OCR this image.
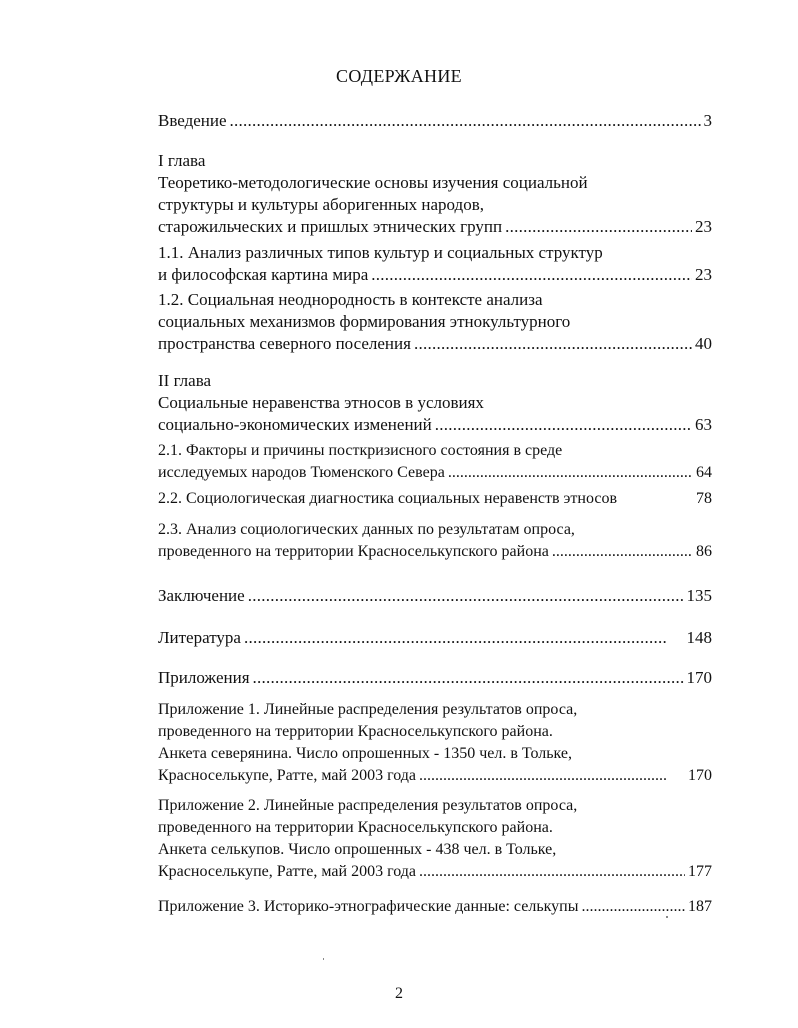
СОДЕРЖАНИЕ
Введение . . .	3
I глава
Теоретико-методологические основы изучения социальной
структуры и культуры аборигенных народов,
старожильческих и пришлых этнических групп . . .	23
1.1. Анализ различных типов культур и социальных структур
и философская картина мира . . .	23
1.2. Социальная неоднородность в контексте анализа
социальных механизмов формирования этнокультурного
пространства северного поселения . . .	40
II глава
Социальные неравенства этносов в условиях
социально-экономических изменений . . .	63
2.1. Факторы и причины посткризисного состояния в среде
исследуемых народов Тюменского Севера . . .	64
2.2. Социологическая диагностика социальных неравенств этносов	78
2.3. Анализ социологических данных по результатам опроса,
проведенного на территории Красноселькупского района . . .	86
Заключение . . .	135
Литература . . .	148
Приложения . . .	170
Приложение 1. Линейные распределения результатов опроса,
проведенного на территории Красноселькупского района.
Анкета северянина. Число опрошенных - 1350 чел. в Тольке,
Красноселькупе, Ратте, май 2003 года . . .	170
Приложение 2. Линейные распределения результатов опроса,
проведенного на территории Красноселькупского района.
Анкета селькупов. Число опрошенных - 438 чел. в Тольке,
Красноселькупе, Ратте, май 2003 года . . .	177
Приложение 3. Историко-этнографические данные: селькупы . . .	187
2
